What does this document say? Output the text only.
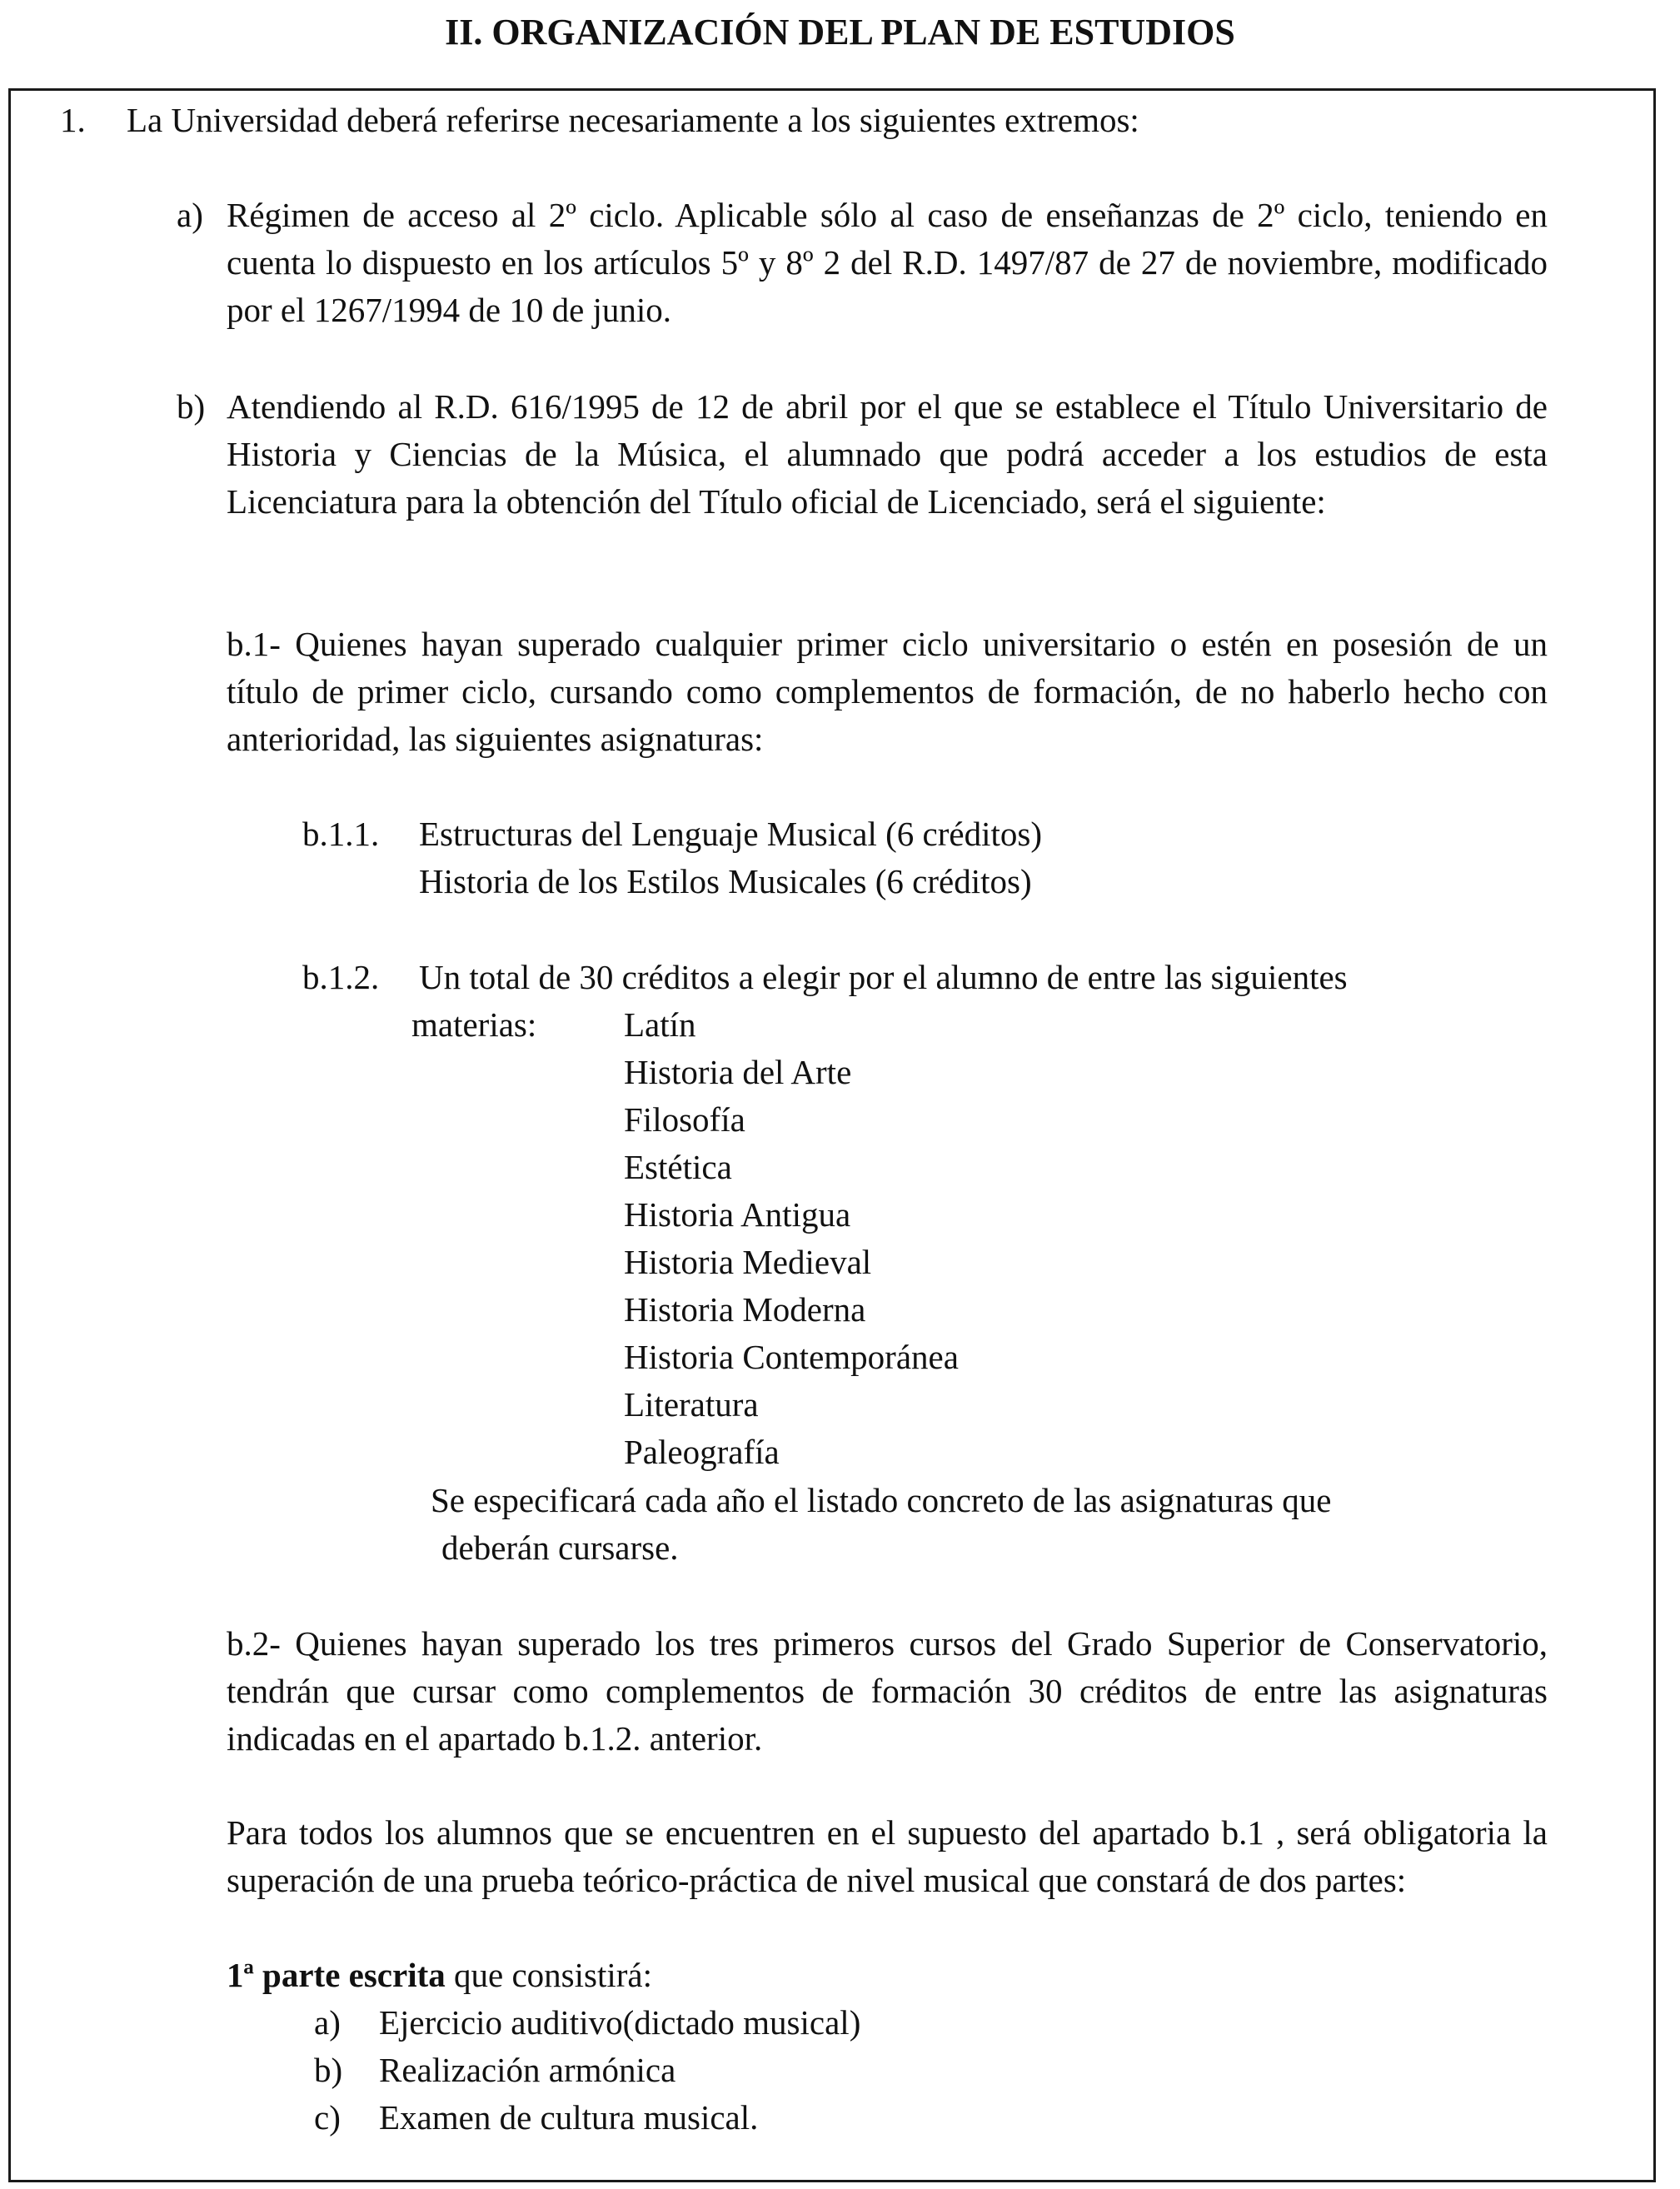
II. ORGANIZACIÓN DEL PLAN DE ESTUDIOS
1. La Universidad deberá referirse necesariamente a los siguientes extremos:
a) Régimen de acceso al 2º ciclo. Aplicable sólo al caso de enseñanzas de 2º ciclo, teniendo en cuenta lo dispuesto en los artículos 5º y 8º 2 del R.D. 1497/87 de 27 de noviembre, modificado por el 1267/1994 de 10 de junio.
b) Atendiendo al R.D. 616/1995 de 12 de abril por el que se establece el Título Universitario de Historia y Ciencias de la Música, el alumnado que podrá acceder a los estudios de esta Licenciatura para la obtención del Título oficial de Licenciado, será el siguiente:
b.1- Quienes hayan superado cualquier primer ciclo universitario o estén en posesión de un título de primer ciclo, cursando como complementos de formación, de no haberlo hecho con anterioridad, las siguientes asignaturas:
b.1.1. Estructuras del Lenguaje Musical (6 créditos)
Historia de los Estilos Musicales (6 créditos)
b.1.2. Un total de 30 créditos a elegir por el alumno de entre las siguientes
materias:	Latín
Historia del Arte
Filosofía
Estética
Historia Antigua
Historia Medieval
Historia Moderna
Historia Contemporánea
Literatura
Paleografía
Se especificará cada año el listado concreto de las asignaturas que
deberán cursarse.
b.2- Quienes hayan superado los tres primeros cursos del Grado Superior de Conservatorio, tendrán que cursar como complementos de formación 30 créditos de entre las asignaturas indicadas en el apartado b.1.2. anterior.
Para todos los alumnos que se encuentren en el supuesto del apartado b.1 , será obligatoria la superación de una prueba teórico-práctica de nivel musical que constará de dos partes:
1ª parte escrita que consistirá:
a) Ejercicio auditivo(dictado musical)
b) Realización armónica
c) Examen de cultura musical.
